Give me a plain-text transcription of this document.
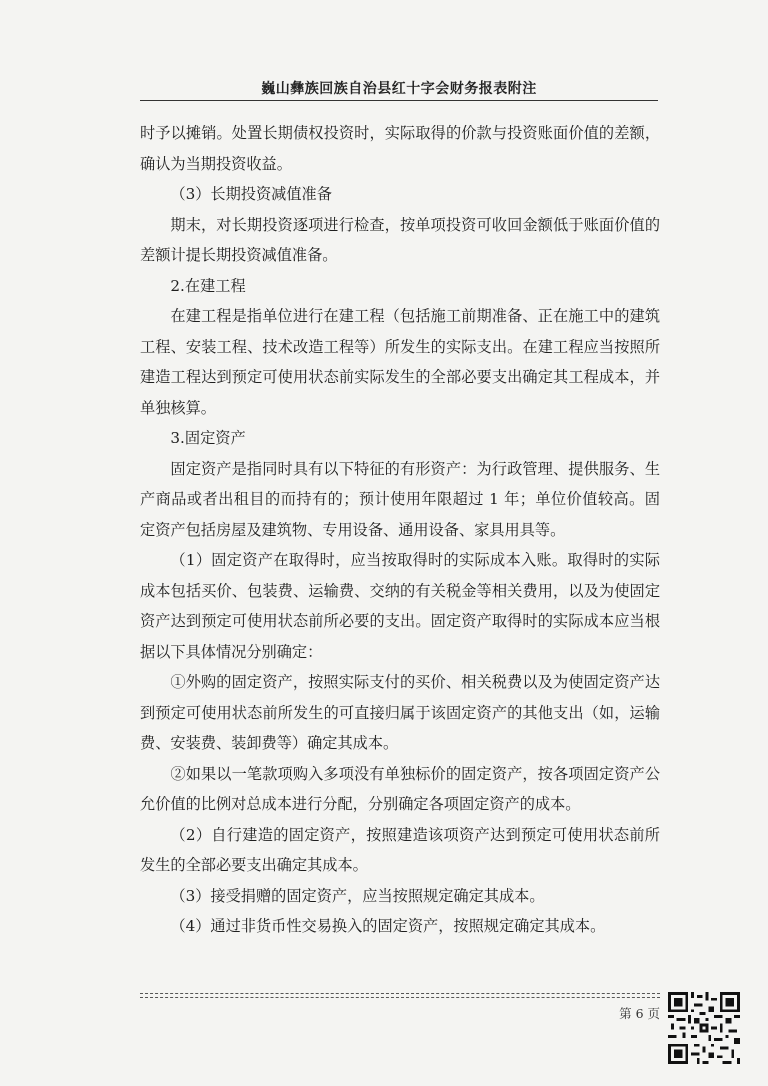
巍山彝族回族自治县红十字会财务报表附注

时予以摊销。处置长期债权投资时，实际取得的价款与投资账面价值的差额，确认为当期投资收益。

（3）长期投资减值准备

期末，对长期投资逐项进行检查，按单项投资可收回金额低于账面价值的差额计提长期投资减值准备。

2.在建工程

在建工程是指单位进行在建工程（包括施工前期准备、正在施工中的建筑工程、安装工程、技术改造工程等）所发生的实际支出。在建工程应当按照所建造工程达到预定可使用状态前实际发生的全部必要支出确定其工程成本，并单独核算。

3.固定资产

固定资产是指同时具有以下特征的有形资产：为行政管理、提供服务、生产商品或者出租目的而持有的；预计使用年限超过 1 年；单位价值较高。固定资产包括房屋及建筑物、专用设备、通用设备、家具用具等。

（1）固定资产在取得时，应当按取得时的实际成本入账。取得时的实际成本包括买价、包装费、运输费、交纳的有关税金等相关费用，以及为使固定资产达到预定可使用状态前所必要的支出。固定资产取得时的实际成本应当根据以下具体情况分别确定：

①外购的固定资产，按照实际支付的买价、相关税费以及为使固定资产达到预定可使用状态前所发生的可直接归属于该固定资产的其他支出（如，运输费、安装费、装卸费等）确定其成本。

②如果以一笔款项购入多项没有单独标价的固定资产，按各项固定资产公允价值的比例对总成本进行分配，分别确定各项固定资产的成本。

（2）自行建造的固定资产，按照建造该项资产达到预定可使用状态前所发生的全部必要支出确定其成本。

（3）接受捐赠的固定资产，应当按照规定确定其成本。

（4）通过非货币性交易换入的固定资产，按照规定确定其成本。

第 6 页
